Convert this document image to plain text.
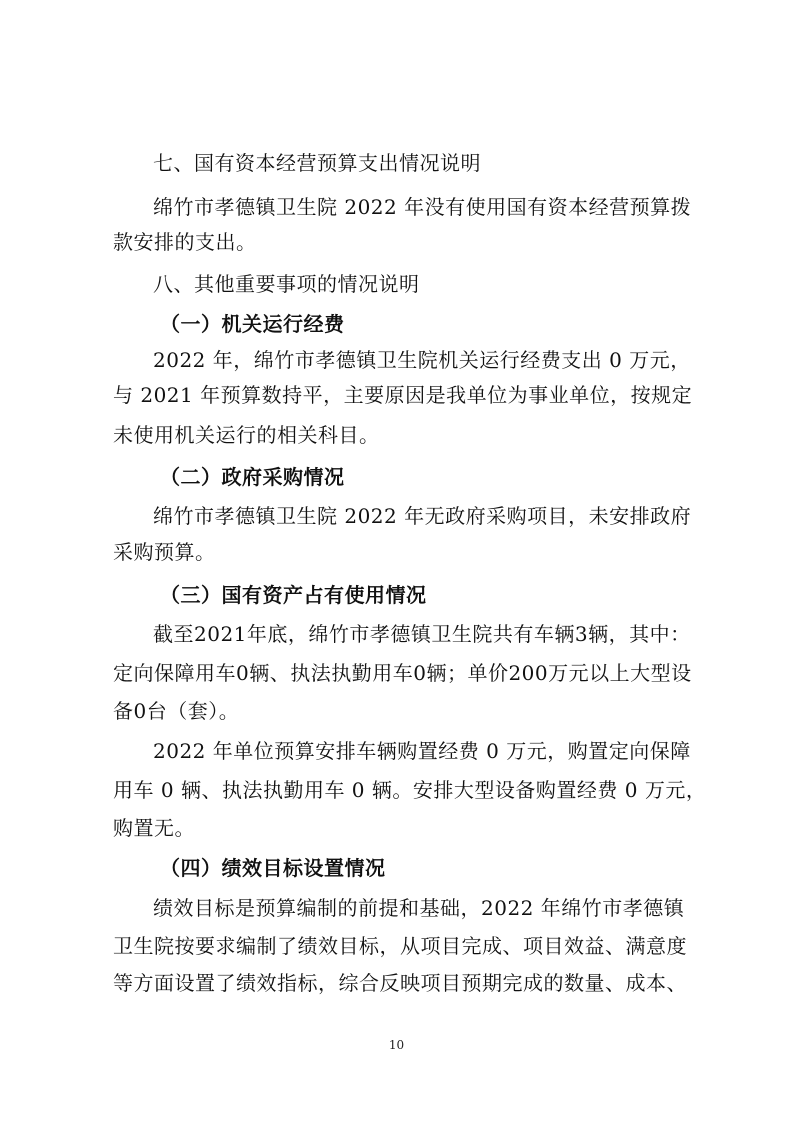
七、国有资本经营预算支出情况说明
绵竹市孝德镇卫生院 2022 年没有使用国有资本经营预算拨
款安排的支出。
八、其他重要事项的情况说明
（一）机关运行经费
2022 年，绵竹市孝德镇卫生院机关运行经费支出 0 万元，
与 2021 年预算数持平，主要原因是我单位为事业单位，按规定
未使用机关运行的相关科目。
（二）政府采购情况
绵竹市孝德镇卫生院 2022 年无政府采购项目，未安排政府
采购预算。
（三）国有资产占有使用情况
截至2021年底，绵竹市孝德镇卫生院共有车辆3辆，其中：
定向保障用车0辆、执法执勤用车0辆；单价200万元以上大型设
备0台（套）。
2022 年单位预算安排车辆购置经费 0 万元，购置定向保障
用车 0 辆、执法执勤用车 0 辆。安排大型设备购置经费 0 万元，
购置无。
（四）绩效目标设置情况
绩效目标是预算编制的前提和基础，2022 年绵竹市孝德镇
卫生院按要求编制了绩效目标，从项目完成、项目效益、满意度
等方面设置了绩效指标，综合反映项目预期完成的数量、成本、
10
